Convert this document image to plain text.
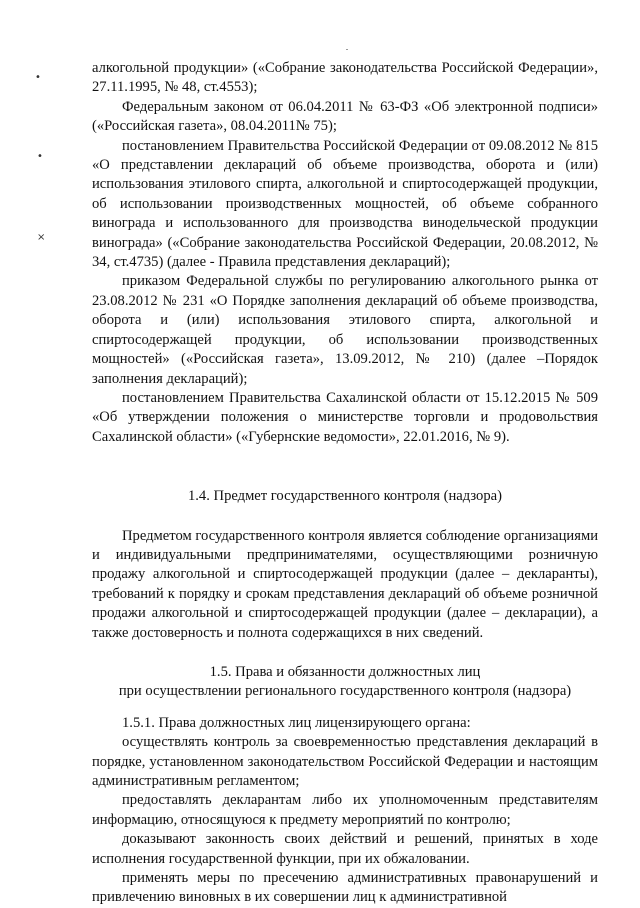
•
•
×

алкогольной продукции» («Собрание законодательства Российской Федерации», 27.11.1995, № 48, ст.4553);

Федеральным законом от 06.04.2011 № 63-ФЗ «Об электронной подписи» («Российская газета», 08.04.2011№ 75);

постановлением Правительства Российской Федерации от 09.08.2012 № 815 «О представлении деклараций об объеме производства, оборота и (или) использования этилового спирта, алкогольной и спиртосодержащей продукции, об использовании производственных мощностей, об объеме собранного винограда и использованного для производства винодельческой продукции винограда» («Собрание законодательства Российской Федерации, 20.08.2012, № 34, ст.4735) (далее - Правила представления деклараций);

приказом Федеральной службы по регулированию алкогольного рынка от 23.08.2012 № 231 «О Порядке заполнения деклараций об объеме производства, оборота и (или) использования этилового спирта, алкогольной и спиртосодержащей продукции, об использовании производственных мощностей» («Российская газета», 13.09.2012, № 210) (далее –Порядок заполнения деклараций);

постановлением Правительства Сахалинской области от 15.12.2015 № 509 «Об утверждении положения о министерстве торговли и продовольствия Сахалинской области» («Губернские ведомости», 22.01.2016, № 9).

1.4. Предмет государственного контроля (надзора)

Предметом государственного контроля является соблюдение организациями и индивидуальными предпринимателями, осуществляющими розничную продажу алкогольной и спиртосодержащей продукции (далее – декларанты), требований к порядку и срокам представления деклараций об объеме розничной продажи алкогольной и спиртосодержащей продукции (далее – декларации), а также достоверность и полнота содержащихся в них сведений.

1.5. Права и обязанности должностных лиц

при осуществлении регионального государственного контроля (надзора)

1.5.1. Права должностных лиц лицензирующего органа:

осуществлять контроль за своевременностью представления деклараций в порядке, установленном законодательством Российской Федерации и настоящим административным регламентом;

предоставлять декларантам либо их уполномоченным представителям информацию, относящуюся к предмету мероприятий по контролю;

доказывают законность своих действий и решений, принятых в ходе исполнения государственной функции, при их обжаловании.

применять меры по пресечению административных правонарушений и привлечению виновных в их совершении лиц к административной
